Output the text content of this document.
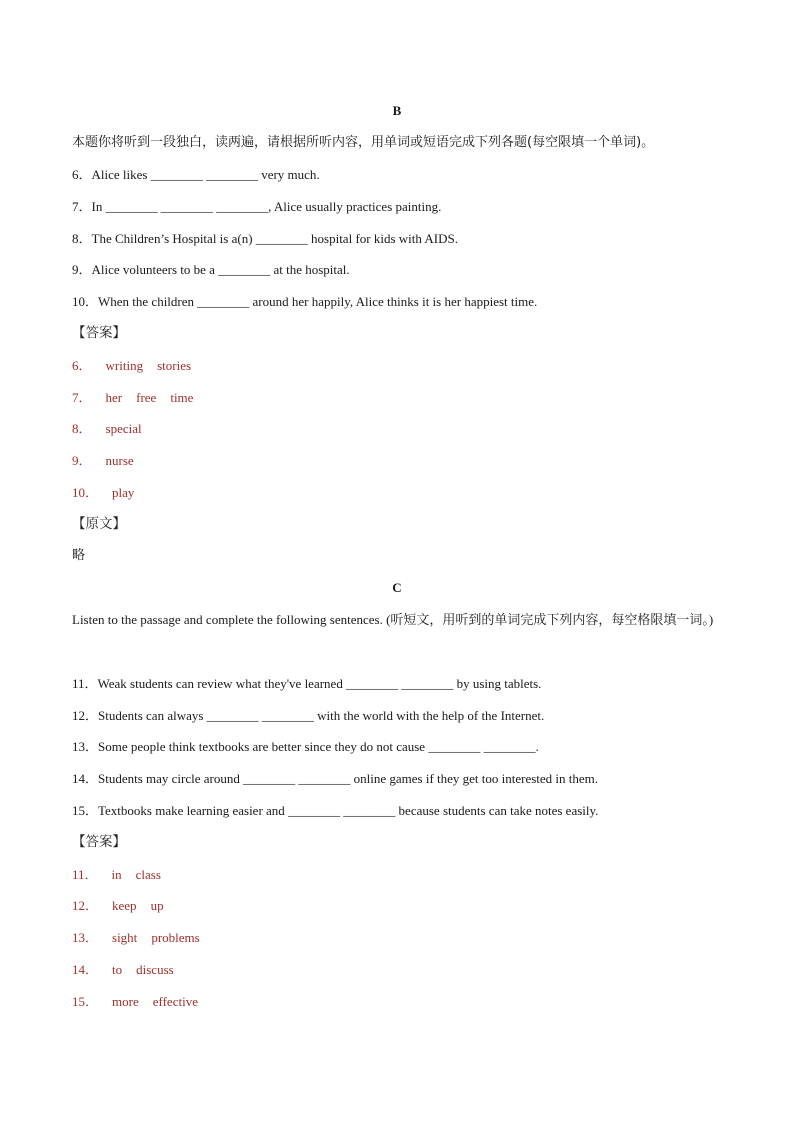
B
本题你将听到一段独白，读两遍，请根据所听内容，用单词或短语完成下列各题(每空限填一个单词)。
6．Alice likes ________ ________ very much.
7．In ________ ________ ________, Alice usually practices painting.
8．The Children’s Hospital is a(n) ________ hospital for kids with AIDS.
9．Alice volunteers to be a ________ at the hospital.
10．When the children ________ around her happily, Alice thinks it is her happiest time.
【答案】
6． writing stories
7． her free time
8． special
9． nurse
10． play
【原文】
略
C
Listen to the passage and complete the following sentences. (听短文，用听到的单词完成下列内容，每空格限填一词。)
11．Weak students can review what they've learned ________ ________ by using tablets.
12．Students can always ________ ________ with the world with the help of the Internet.
13．Some people think textbooks are better since they do not cause ________ ________.
14．Students may circle around ________ ________ online games if they get too interested in them.
15．Textbooks make learning easier and ________ ________ because students can take notes easily.
【答案】
11． in class
12． keep up
13． sight problems
14． to discuss
15． more effective
